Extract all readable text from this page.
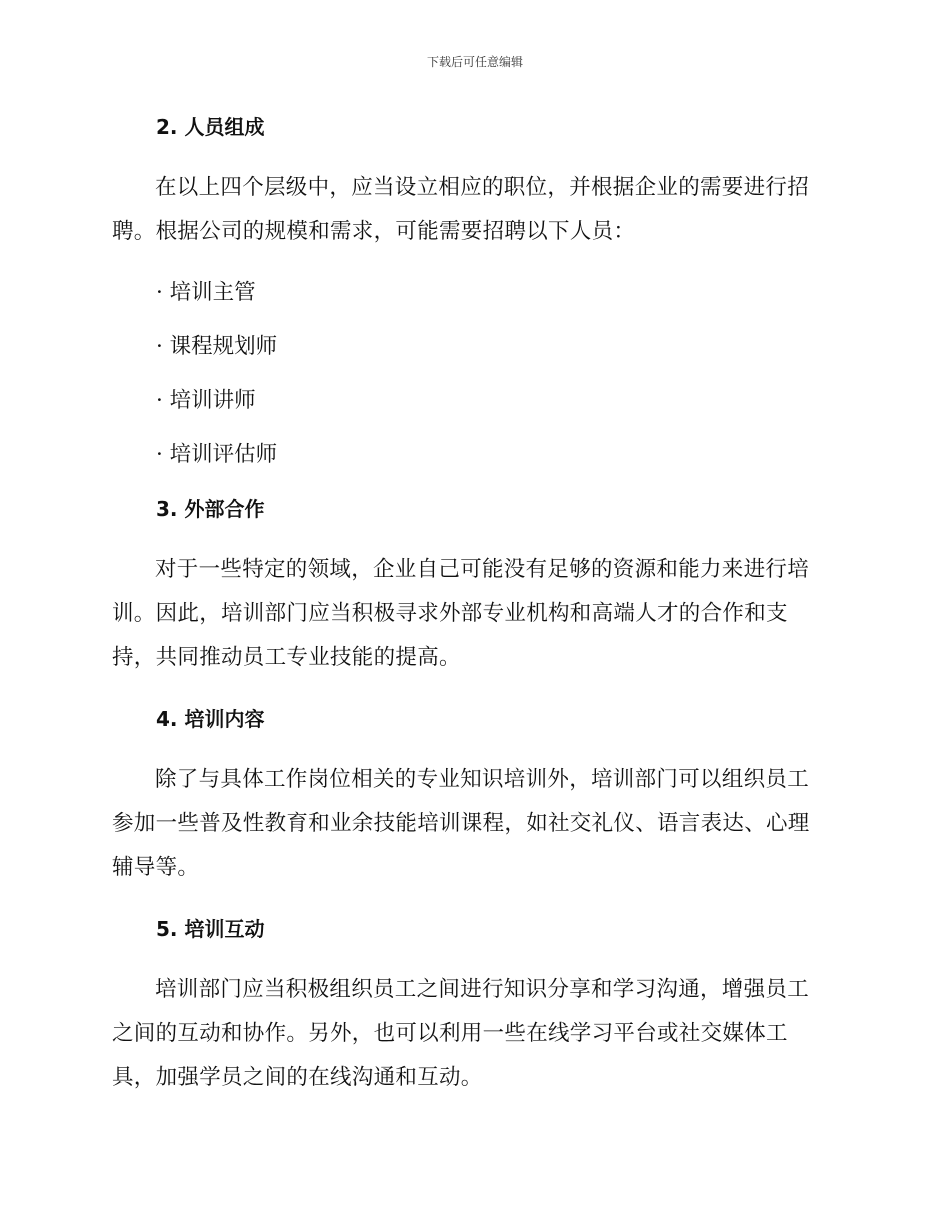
下载后可任意编辑
2. 人员组成

在以上四个层级中，应当设立相应的职位，并根据企业的需要进行招聘。根据公司的规模和需求，可能需要招聘以下人员：

· 培训主管
· 课程规划师
· 培训讲师
· 培训评估师
3. 外部合作

对于一些特定的领域，企业自己可能没有足够的资源和能力来进行培训。因此，培训部门应当积极寻求外部专业机构和高端人才的合作和支持，共同推动员工专业技能的提高。

4. 培训内容

除了与具体工作岗位相关的专业知识培训外，培训部门可以组织员工参加一些普及性教育和业余技能培训课程，如社交礼仪、语言表达、心理辅导等。

5. 培训互动

培训部门应当积极组织员工之间进行知识分享和学习沟通，增强员工之间的互动和协作。另外，也可以利用一些在线学习平台或社交媒体工具，加强学员之间的在线沟通和互动。
